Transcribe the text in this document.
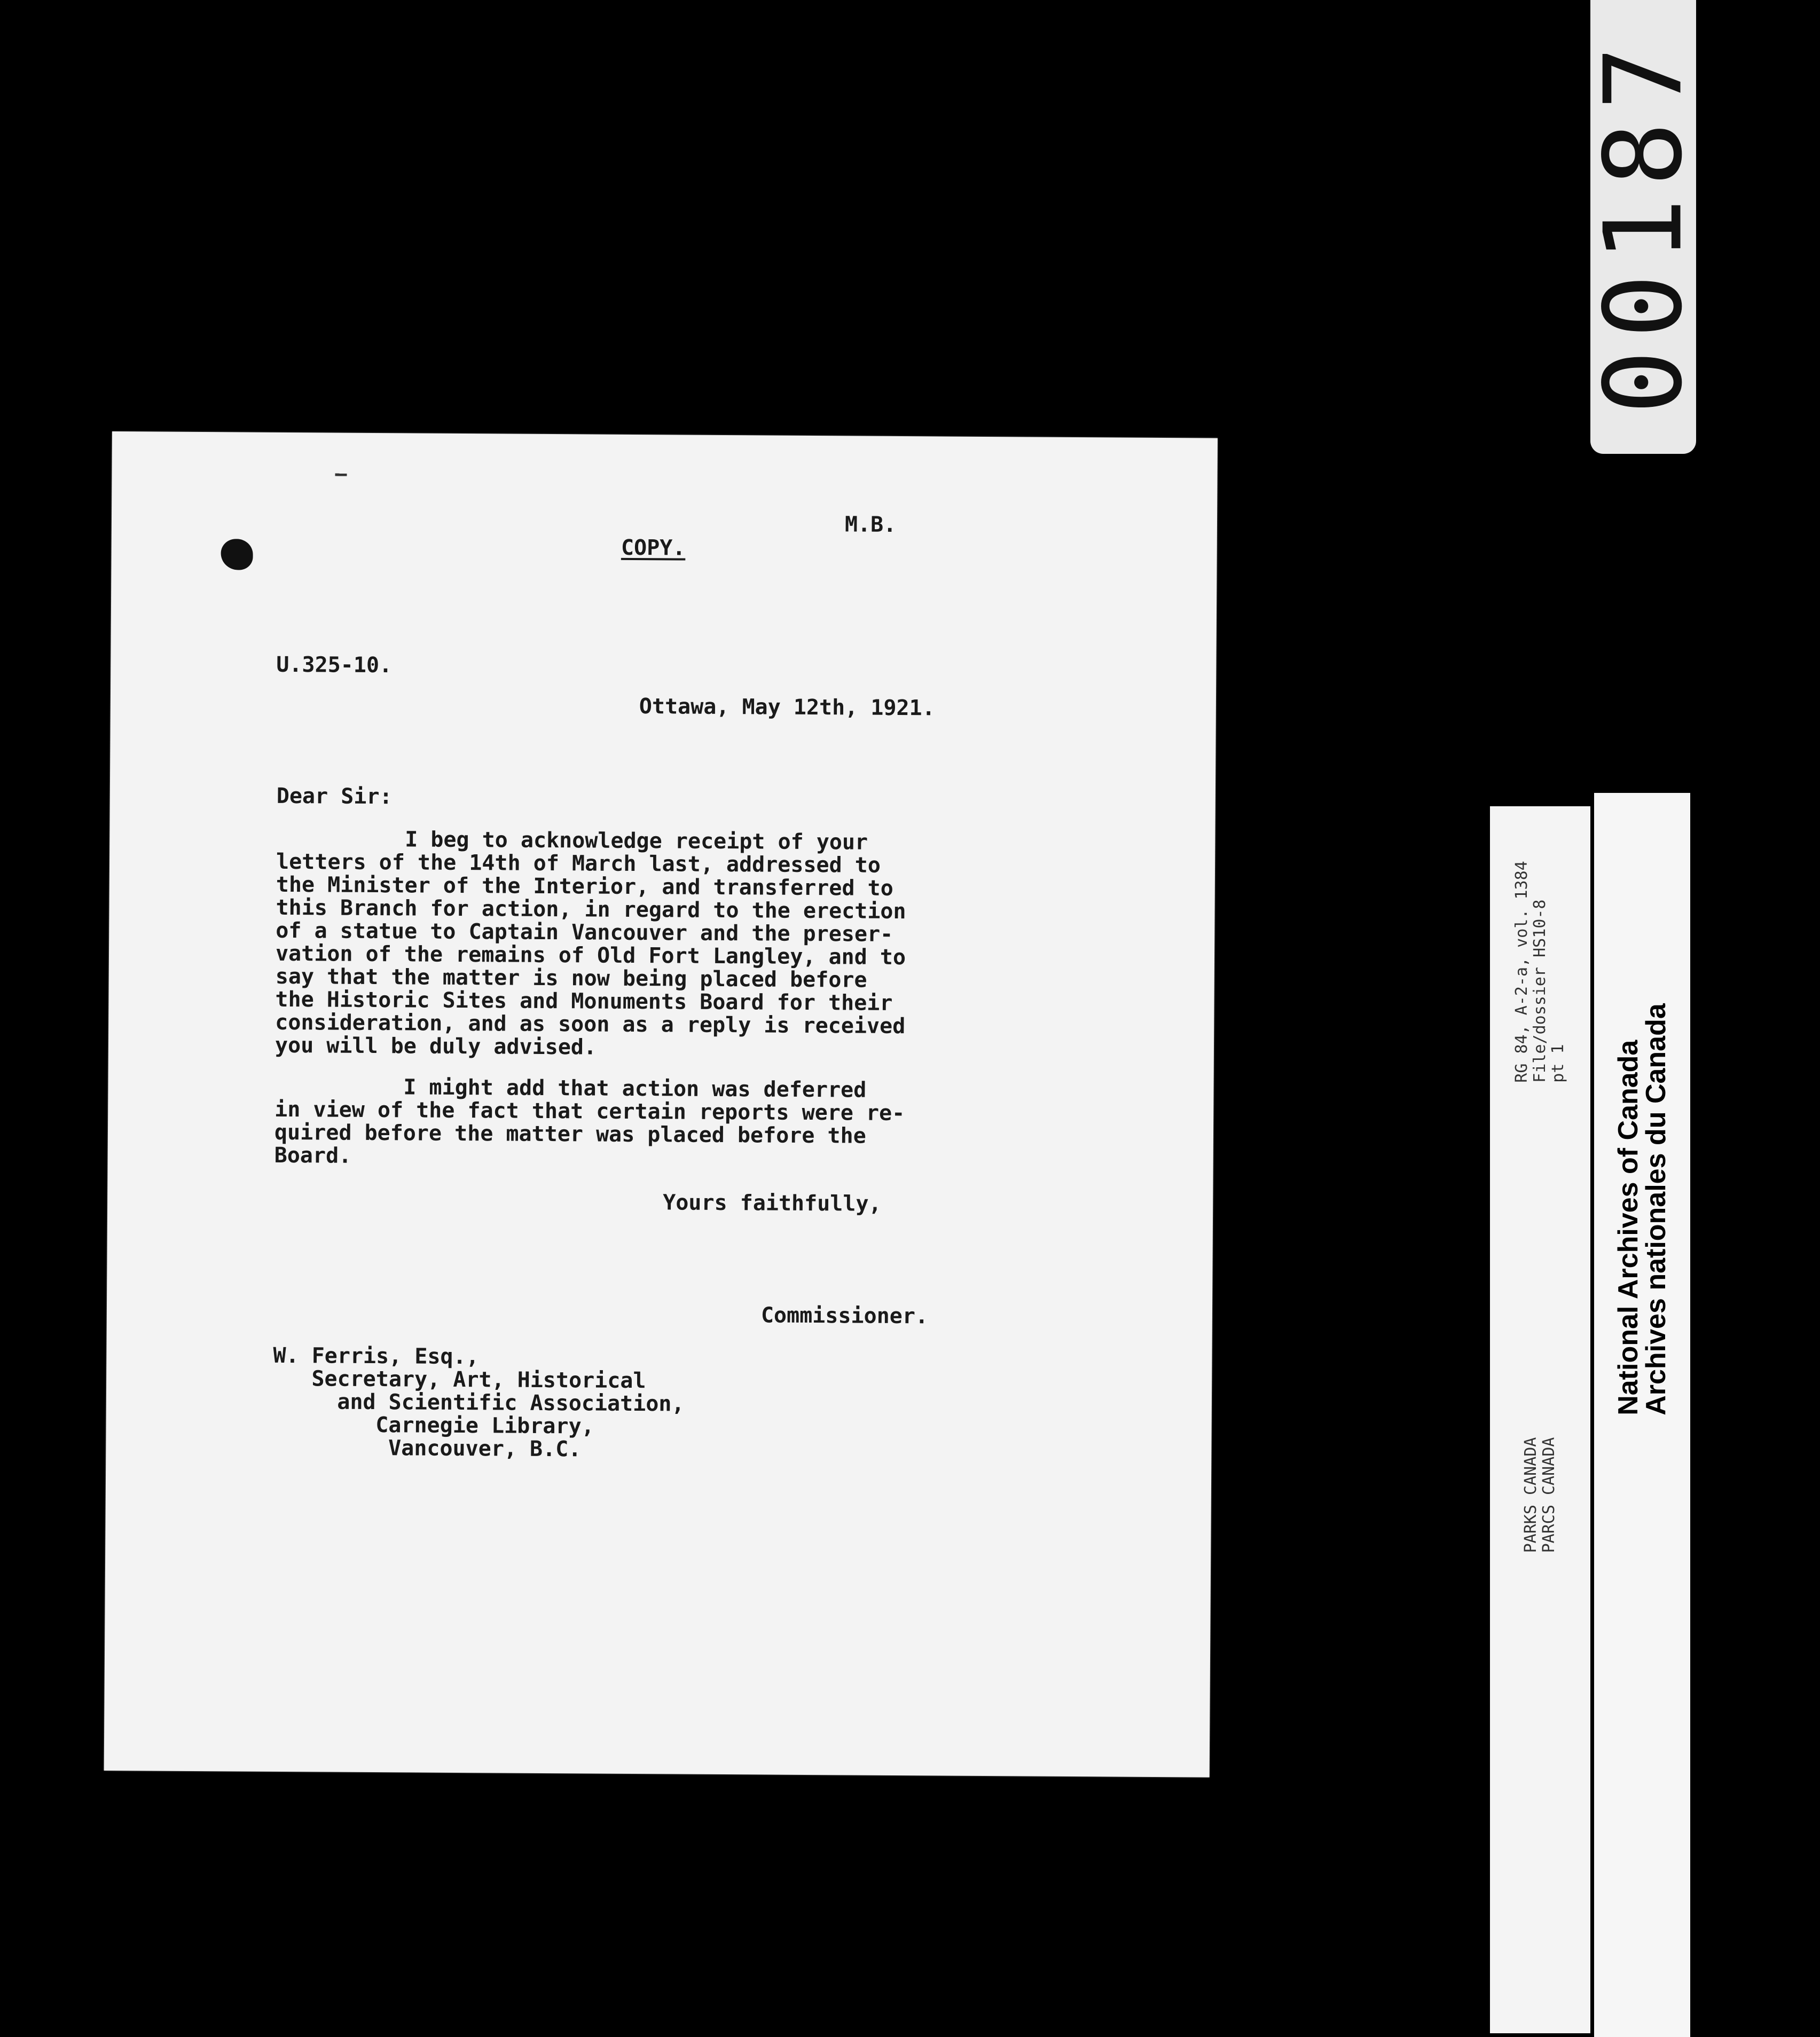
COPY.

M.B.

U.325-10.
Ottawa, May 12th, 1921.
Dear Sir:
I beg to acknowledge receipt of your
letters of the 14th of March last, addressed to
the Minister of the Interior, and transferred to
this Branch for action, in regard to the erection
of a statue to Captain Vancouver and the preser-
vation of the remains of Old Fort Langley, and to
say that the matter is now being placed before
the Historic Sites and Monuments Board for their
consideration, and as soon as a reply is received
you will be duly advised.
I might add that action was deferred
in view of the fact that certain reports were re-
quired before the matter was placed before the
Board.
Yours faithfully,
Commissioner.
W. Ferris, Esq.,
Secretary, Art, Historical
and Scientific Association,
Carnegie Library,
Vancouver, B.C.
00187
RG 84, A-2-a, vol. 1384
File/dossier HS10-8
pt 1
PARKS CANADA
PARCS CANADA
National Archives of Canada
Archives nationales du Canada
